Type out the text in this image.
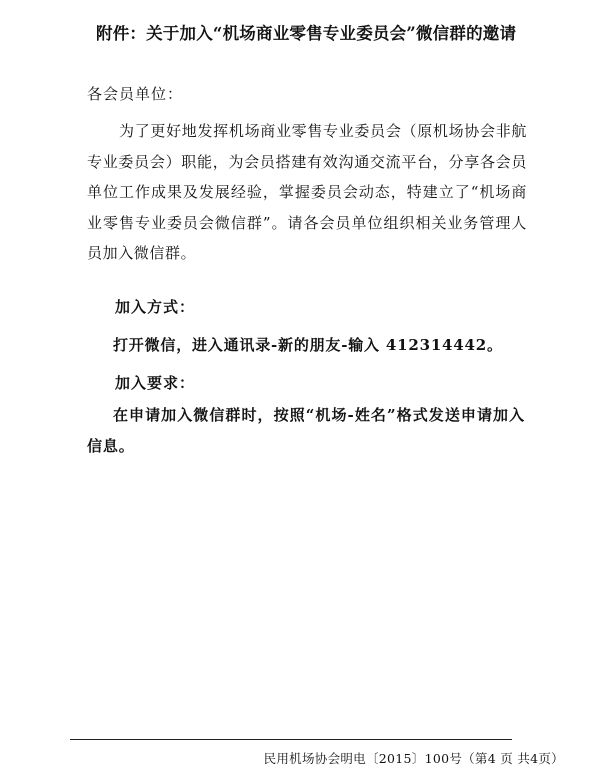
附件：关于加入“机场商业零售专业委员会”微信群的邀请
各会员单位：
为了更好地发挥机场商业零售专业委员会（原机场协会非航专业委员会）职能，为会员搭建有效沟通交流平台，分享各会员单位工作成果及发展经验，掌握委员会动态，特建立了“机场商业零售专业委员会微信群”。请各会员单位组织相关业务管理人员加入微信群。
加入方式：
打开微信，进入通讯录-新的朋友-输入 412314442。
加入要求：
在申请加入微信群时，按照“机场-姓名”格式发送申请加入信息。
民用机场协会明电〔2015〕100号（第4 页 共4页）
